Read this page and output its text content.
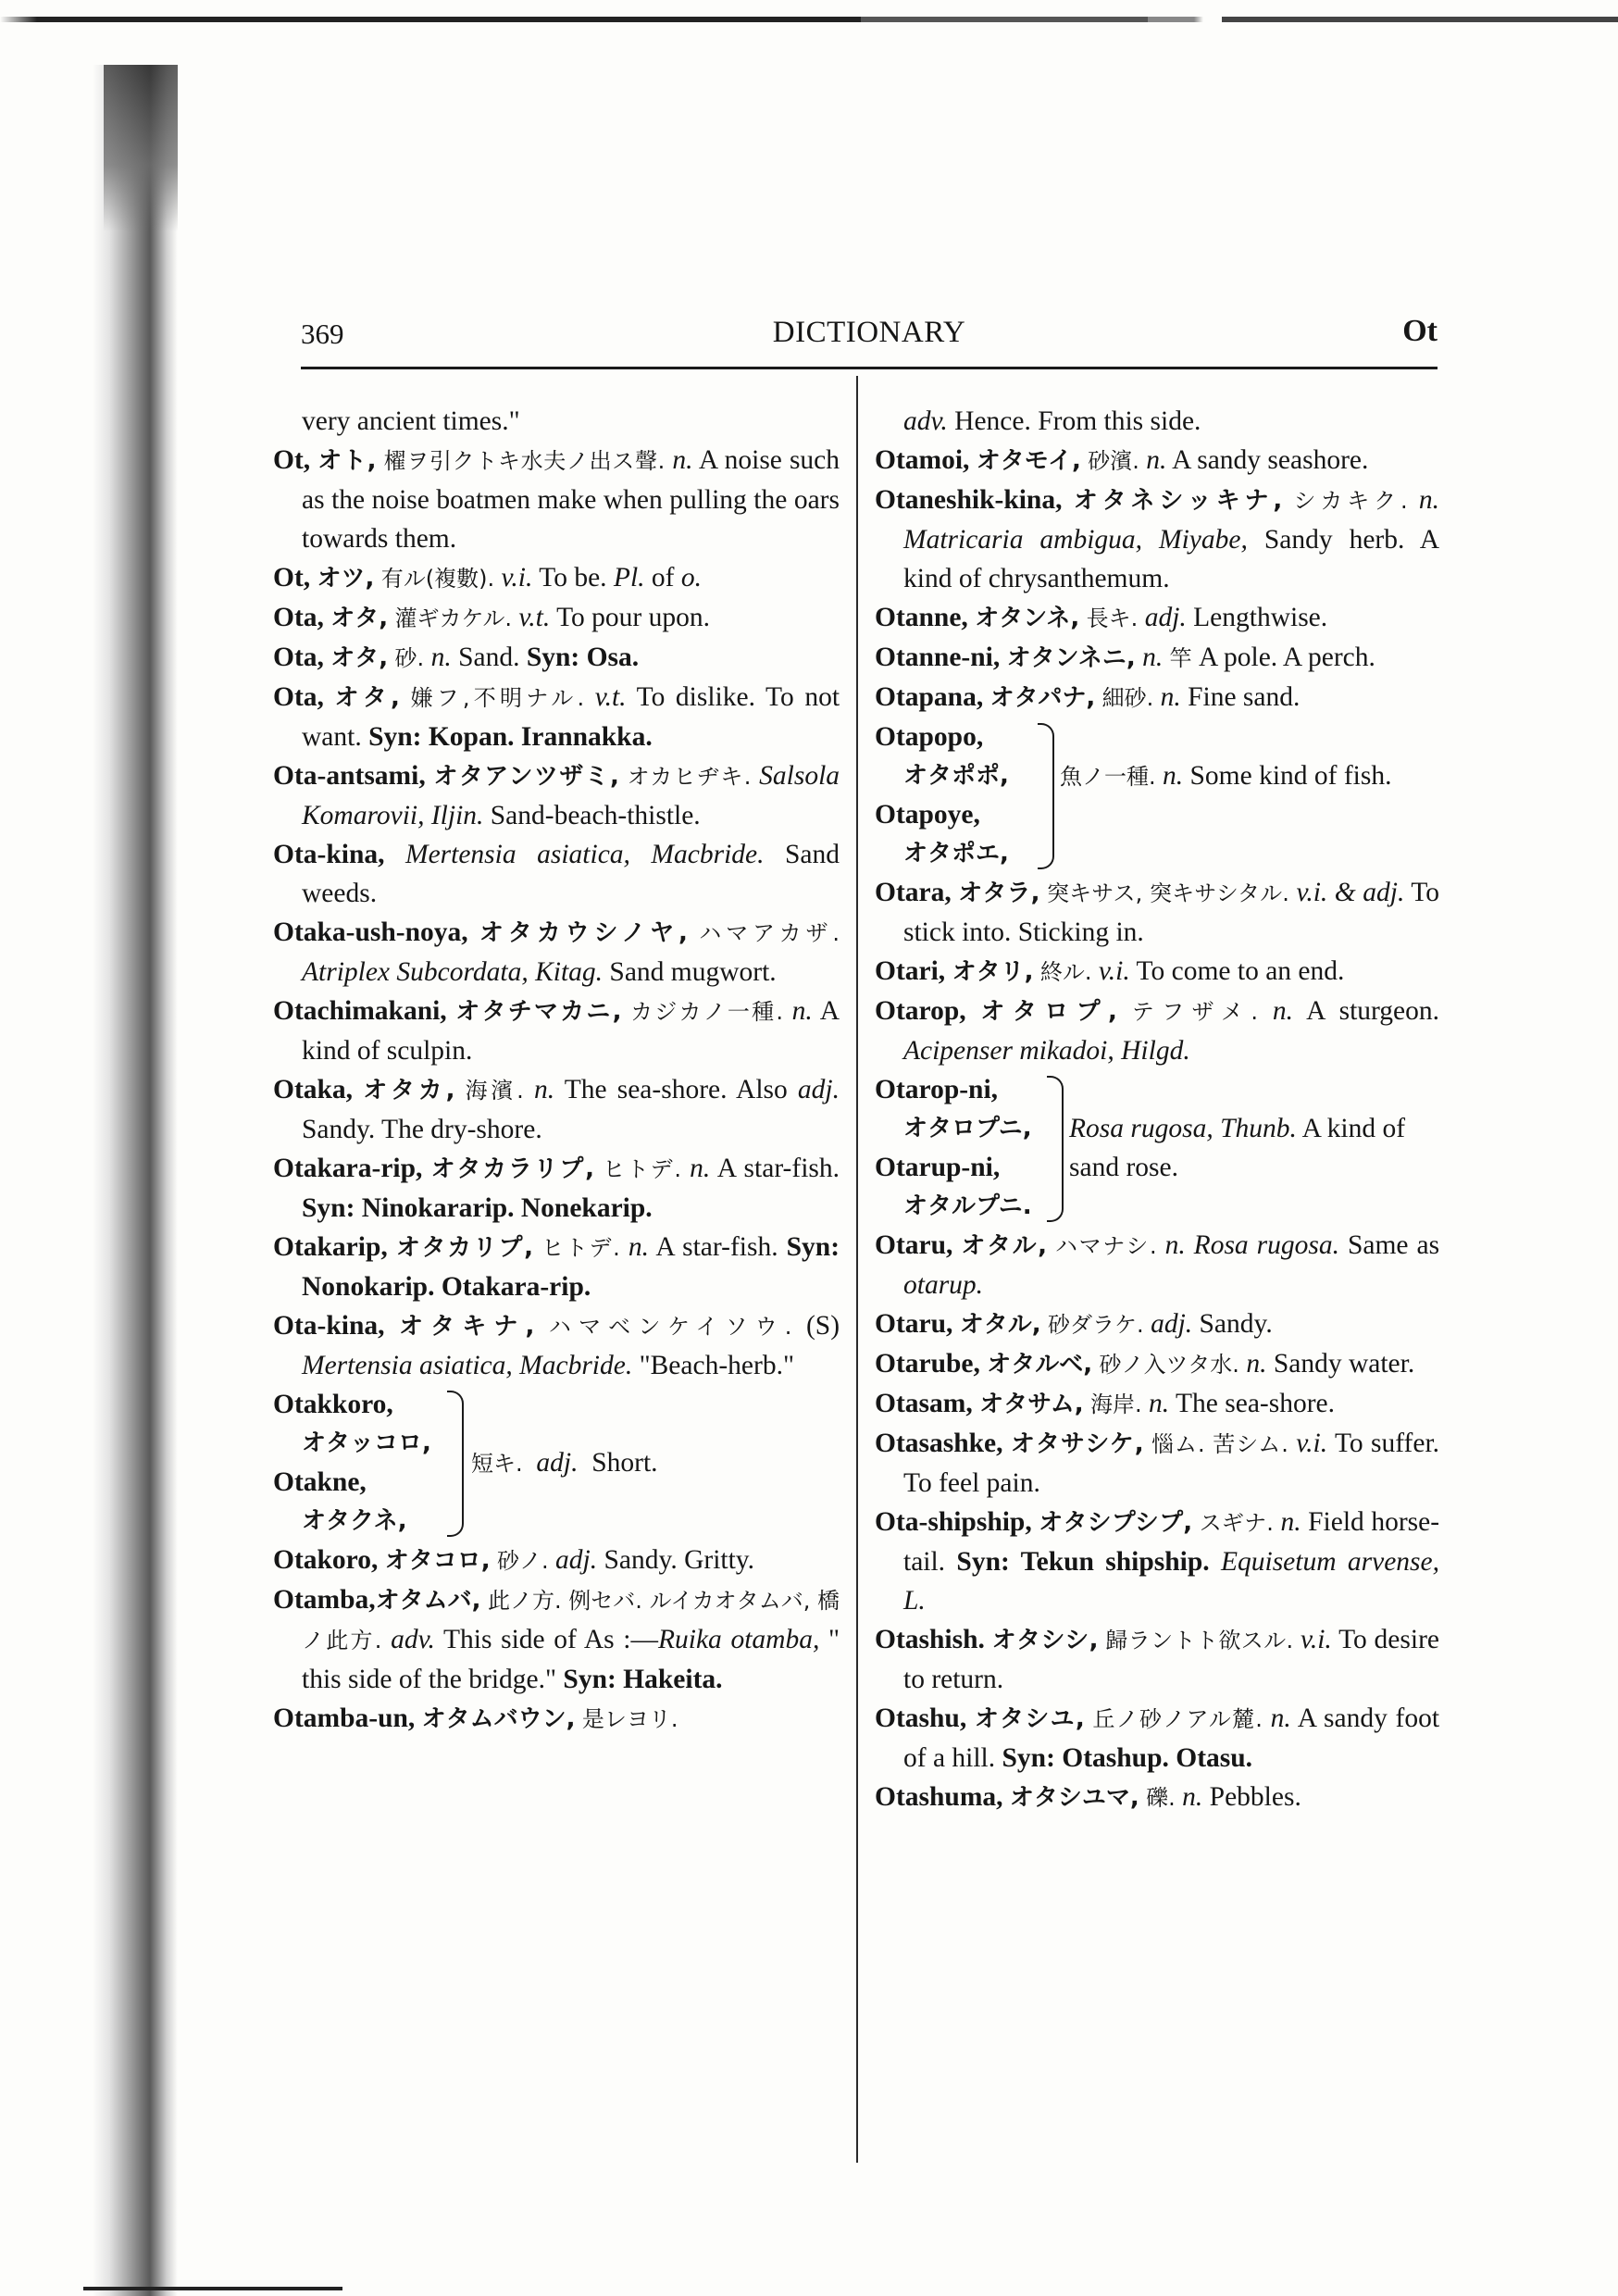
369	DICTIONARY	Ot

very ancient times."

Ot, オト, 櫂ヲ引クトキ水夫ノ出ス聲. n. A noise such as the noise boatmen make when pulling the oars towards them.

Ot, オツ, 有ル(複數). v.i. To be. Pl. of o.

Ota, オタ, 灌ギカケル. v.t. To pour upon.

Ota, オタ, 砂. n. Sand. Syn: Osa.

Ota, オタ, 嫌フ,不明ナル. v.t. To dislike. To not want. Syn: Kopan. Irannakka.

Ota-antsami, オタアンツザミ, オカヒヂキ. Salsola Komarovii, Iljin. Sand-beach-thistle.

Ota-kina, Mertensia asiatica, Macbride. Sand weeds.

Otaka-ush-noya, オタカウシノヤ, ハマアカザ. Atriplex Subcordata, Kitag. Sand mugwort.

Otachimakani, オタチマカニ, カジカノ一種. n. A kind of sculpin.

Otaka, オタカ, 海濱. n. The sea-shore. Also adj. Sandy. The dry-shore.

Otakara-rip, オタカラリプ, ヒトデ. n. A star-fish. Syn: Ninokararip. Nonekarip.

Otakarip, オタカリプ, ヒトデ. n. A star-fish. Syn: Nonokarip. Otakara-rip.

Ota-kina, オタキナ, ハマベンケイソウ. (S) Mertensia asiatica, Macbride. "Beach-herb."

Otakkoro,
オタッコロ,
Otakne,
オタクネ,
短キ. adj. Short.

Otakoro, オタコロ, 砂ノ. adj. Sandy. Gritty.

Otamba,オタムバ, 此ノ方. 例セバ. ルイカオタムバ, 橋ノ此方. adv. This side of As :—Ruika otamba, " this side of the bridge." Syn: Hakeita.

Otamba-un, オタムバウン, 是レヨリ.

adv. Hence. From this side.

Otamoi, オタモイ, 砂濱. n. A sandy seashore.

Otaneshik-kina, オタネシッキナ, シカキク. n. Matricaria ambigua, Miyabe, Sandy herb. A kind of chrysanthemum.

Otanne, オタンネ, 長キ. adj. Lengthwise.

Otanne-ni, オタンネニ, n. 竿 A pole. A perch.

Otapana, オタパナ, 細砂. n. Fine sand.

Otapopo,
オタポポ,
Otapoye,
オタポエ,
魚ノ一種. n. Some kind of fish.

Otara, オタラ, 突キサス, 突キサシタル. v.i. & adj. To stick into. Sticking in.

Otari, オタリ, 終ル. v.i. To come to an end.

Otarop, オタロプ, テフザメ. n. A sturgeon. Acipenser mikadoi, Hilgd.

Otarop-ni,
オタロプニ,
Otarup-ni,
オタルプニ.
Rosa rugosa, Thunb. A kind of sand rose.

Otaru, オタル, ハマナシ. n. Rosa rugosa. Same as otarup.

Otaru, オタル, 砂ダラケ. adj. Sandy.

Otarube, オタルベ, 砂ノ入ツタ水. n. Sandy water.

Otasam, オタサム, 海岸. n. The sea-shore.

Otasashke, オタサシケ, 惱ム. 苦シム. v.i. To suffer. To feel pain.

Ota-shipship, オタシプシプ, スギナ. n. Field horse-tail. Syn: Tekun shipship. Equisetum arvense, L.

Otashish. オタシシ, 歸ラントト欲スル. v.i. To desire to return.

Otashu, オタシユ, 丘ノ砂ノアル麓. n. A sandy foot of a hill. Syn: Otashup. Otasu.

Otashuma, オタシユマ, 礫. n. Pebbles.
